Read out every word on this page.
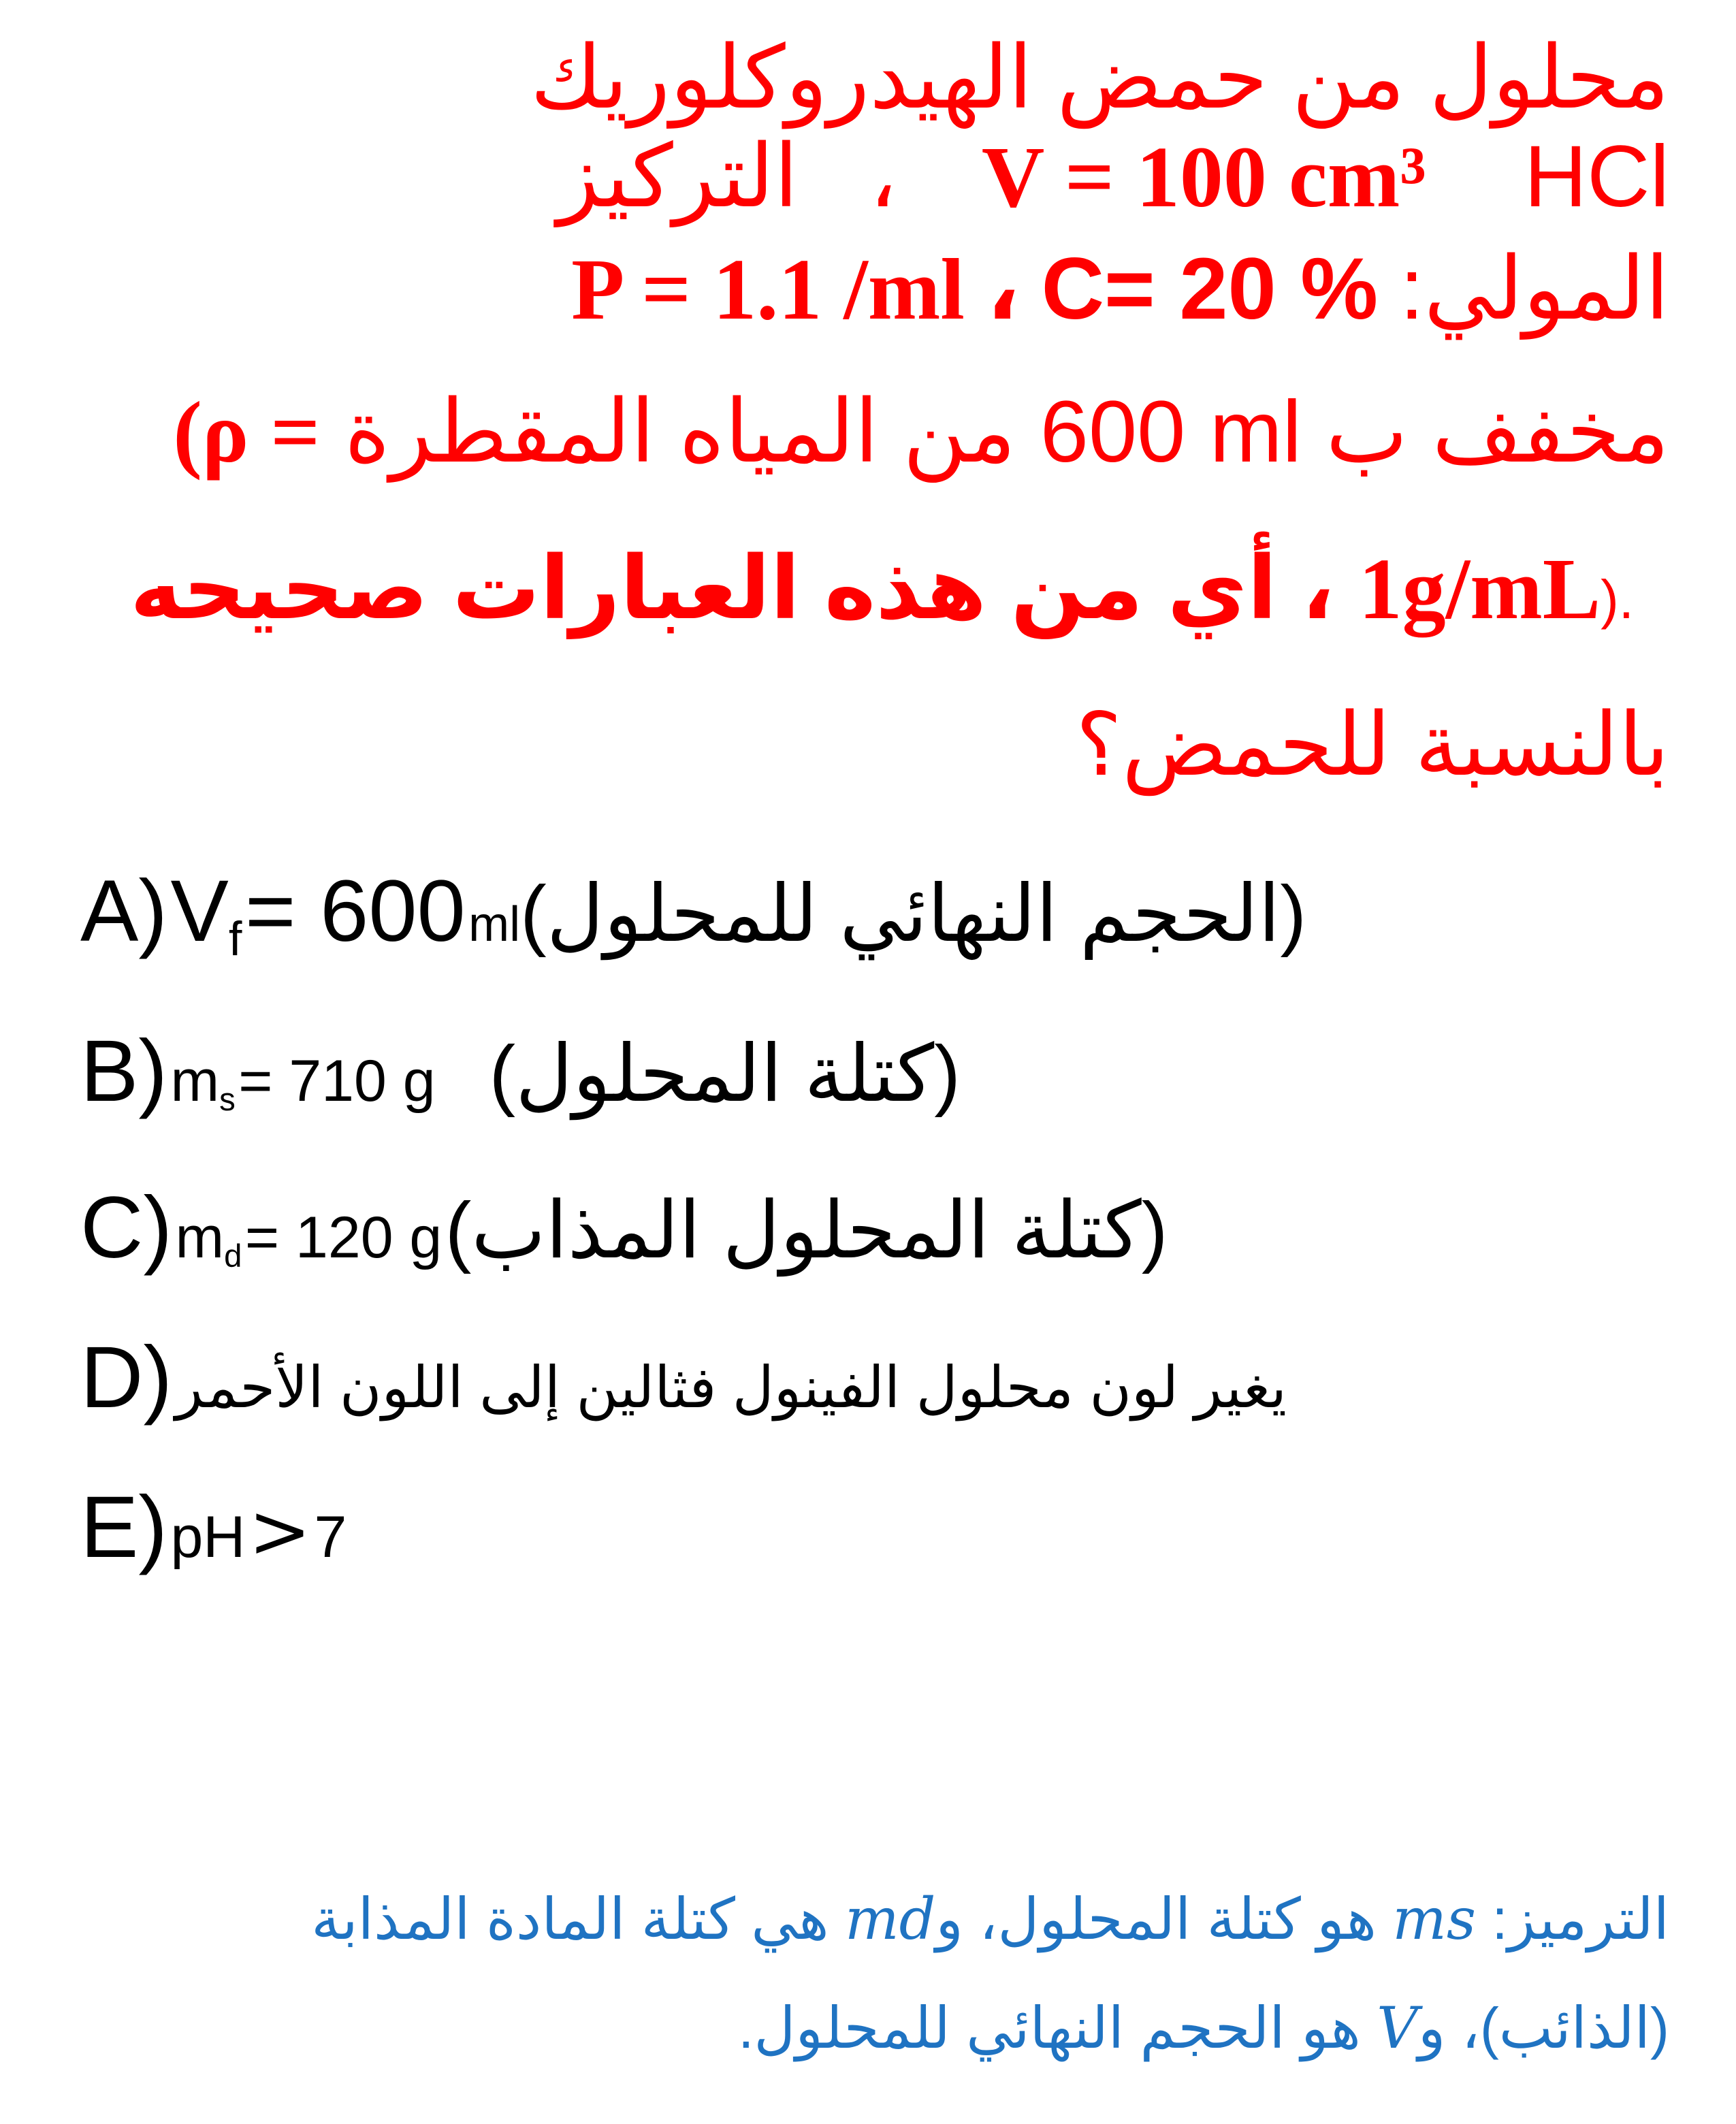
محلول من حمض الهيدروكلوريك
HCl  V = 100 cm³  ،  التركيز
المولي: C= 20 % ، P = 1.1 /ml
مخفف ب 600 ml من المياه المقطرة (ρ =
1g/mL). ، أي من هذه العبارات صحيحه
بالنسبة للحمض؟
A) $V_f = 600$ ml(الحجم النهائي للمحلول)
B) $m_s = 710$ g (كتلة المحلول)
C) $m_d = 120$ g (كتلة المحلول المذاب)
D) يغير لون محلول الفينول فثالين إلى اللون الأحمر
E) pH > 7
الترميز: ms هو كتلة المحلول، وmd هي كتلة المادة المذابة
(الذائب)، وV هو الحجم النهائي للمحلول.
